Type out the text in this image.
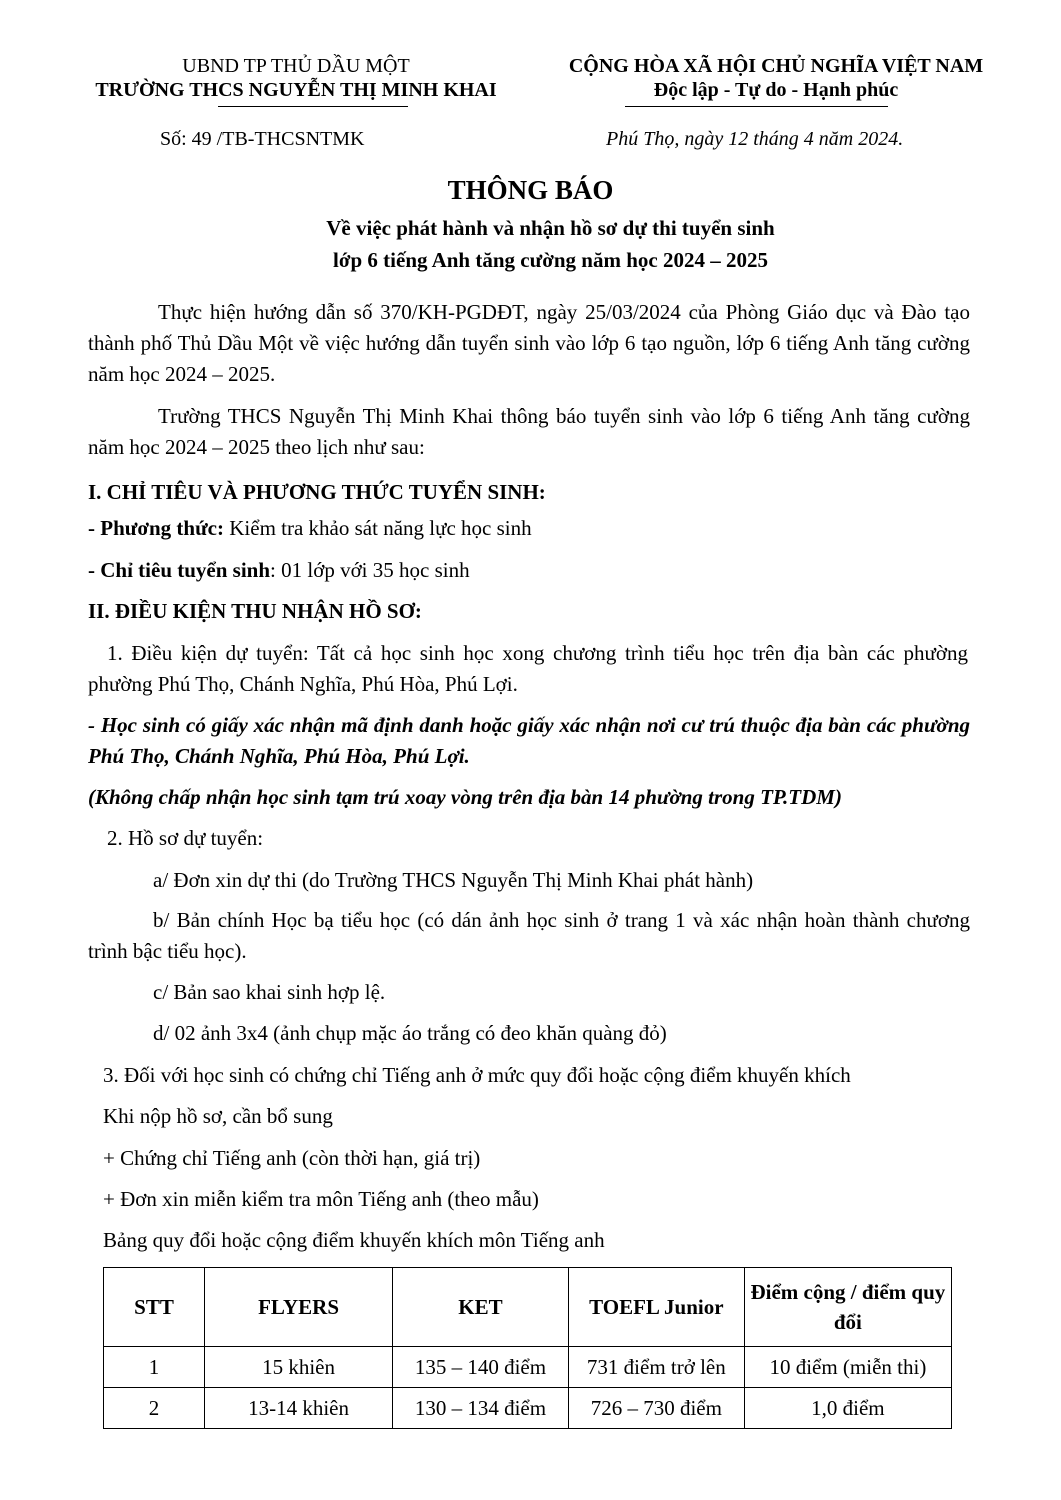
UBND TP THỦ DẦU MỘT
TRƯỜNG THCS NGUYỄN THỊ MINH KHAI
CỘNG HÒA XÃ HỘI CHỦ NGHĨA VIỆT NAM
Độc lập - Tự do - Hạnh phúc
Số: 49 /TB-THCSNTMK	Phú Thọ, ngày 12 tháng 4 năm 2024.
THÔNG BÁO
Về việc phát hành và nhận hồ sơ dự thi tuyển sinh
lớp 6 tiếng Anh tăng cường năm học 2024 – 2025
Thực hiện hướng dẫn số 370/KH-PGDĐT, ngày 25/03/2024 của Phòng Giáo dục và Đào tạo thành phố Thủ Dầu Một về việc hướng dẫn tuyển sinh vào lớp 6 tạo nguồn, lớp 6 tiếng Anh tăng cường năm học 2024 – 2025.
Trường THCS Nguyễn Thị Minh Khai thông báo tuyển sinh vào lớp 6 tiếng Anh tăng cường năm học 2024 – 2025 theo lịch như sau:
I. CHỈ TIÊU VÀ PHƯƠNG THỨC TUYỂN SINH:
- Phương thức: Kiểm tra khảo sát năng lực học sinh
- Chỉ tiêu tuyển sinh: 01 lớp với 35 học sinh
II. ĐIỀU KIỆN THU NHẬN HỒ SƠ:
1. Điều kiện dự tuyển: Tất cả học sinh học xong chương trình tiểu học trên địa bàn các phường phường Phú Thọ, Chánh Nghĩa, Phú Hòa, Phú Lợi.
- Học sinh có giấy xác nhận mã định danh hoặc giấy xác nhận nơi cư trú thuộc địa bàn các phường Phú Thọ, Chánh Nghĩa, Phú Hòa, Phú Lợi.
(Không chấp nhận học sinh tạm trú xoay vòng trên địa bàn 14 phường trong TP.TDM)
2. Hồ sơ dự tuyển:
a/ Đơn xin dự thi (do Trường THCS Nguyễn Thị Minh Khai phát hành)
b/ Bản chính Học bạ tiểu học (có dán ảnh học sinh ở trang 1 và xác nhận hoàn thành chương trình bậc tiểu học).
c/ Bản sao khai sinh hợp lệ.
d/ 02 ảnh 3x4 (ảnh chụp mặc áo trắng có đeo khăn quàng đỏ)
3. Đối với học sinh có chứng chỉ Tiếng anh ở mức quy đổi hoặc cộng điểm khuyến khích
Khi nộp hồ sơ, cần bổ sung
+ Chứng chỉ Tiếng anh (còn thời hạn, giá trị)
+ Đơn xin miễn kiểm tra môn Tiếng anh (theo mẫu)
Bảng quy đổi hoặc cộng điểm khuyến khích môn Tiếng anh
STT	FLYERS	KET	TOEFL Junior	Điểm cộng / điểm quy đổi
1	15 khiên	135 – 140 điểm	731 điểm trở lên	10 điểm (miễn thi)
2	13-14 khiên	130 – 134 điểm	726 – 730 điểm	1,0 điểm
